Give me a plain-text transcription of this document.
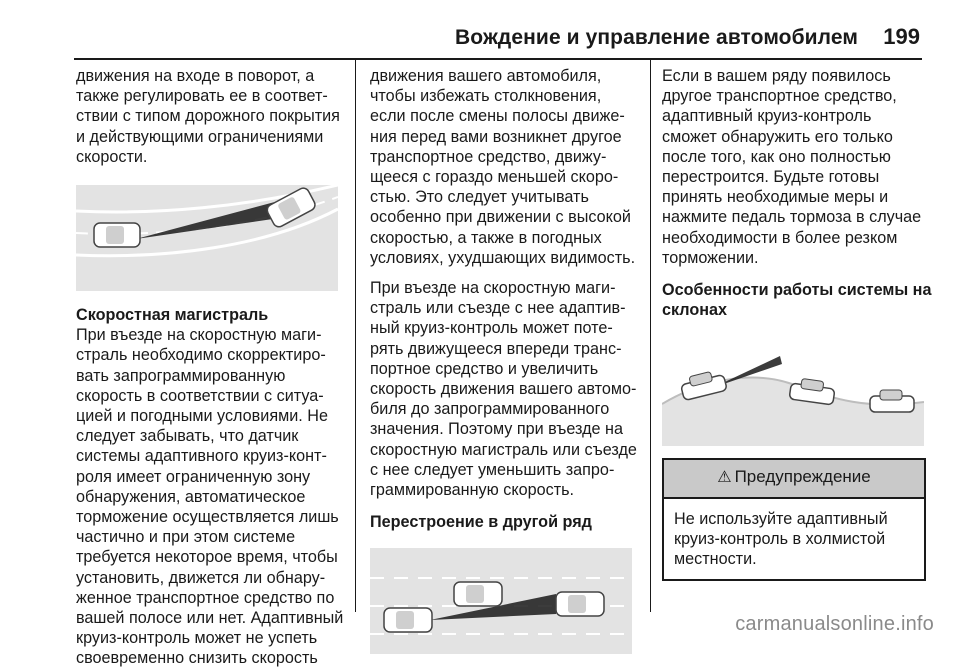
Вождение и управление автомобилем 199
движения на входе в поворот, а
также регулировать ее в соответ-
ствии с типом дорожного покрытия
и действующими ограничениями
скорости.
Скоростная магистраль
При въезде на скоростную маги-
страль необходимо скорректиро-
вать запрограммированную
скорость в соответствии с ситуа-
цией и погодными условиями. Не
следует забывать, что датчик
системы адаптивного круиз-конт-
роля имеет ограниченную зону
обнаружения, автоматическое
торможение осуществляется лишь
частично и при этом системе
требуется некоторое время, чтобы
установить, движется ли обнару-
женное транспортное средство по
вашей полосе или нет. Адаптивный
круиз-контроль может не успеть
своевременно снизить скорость
движения вашего автомобиля,
чтобы избежать столкновения,
если после смены полосы движе-
ния перед вами возникнет другое
транспортное средство, движу-
щееся с гораздо меньшей скоро-
стью. Это следует учитывать
особенно при движении с высокой
скоростью, а также в погодных
условиях, ухудшающих видимость.
При въезде на скоростную маги-
страль или съезде с нее адаптив-
ный круиз-контроль может поте-
рять движущееся впереди транс-
портное средство и увеличить
скорость движения вашего автомо-
биля до запрограммированного
значения. Поэтому при въезде на
скоростную магистраль или съезде
с нее следует уменьшить запро-
граммированную скорость.
Перестроение в другой ряд
Если в вашем ряду появилось
другое транспортное средство,
адаптивный круиз-контроль
сможет обнаружить его только
после того, как оно полностью
перестроится. Будьте готовы
принять необходимые меры и
нажмите педаль тормоза в случае
необходимости в более резком
торможении.
Особенности работы системы на
склонах
⚠ Предупреждение
Не используйте адаптивный
круиз-контроль в холмистой
местности.
carmanualsonline.info
